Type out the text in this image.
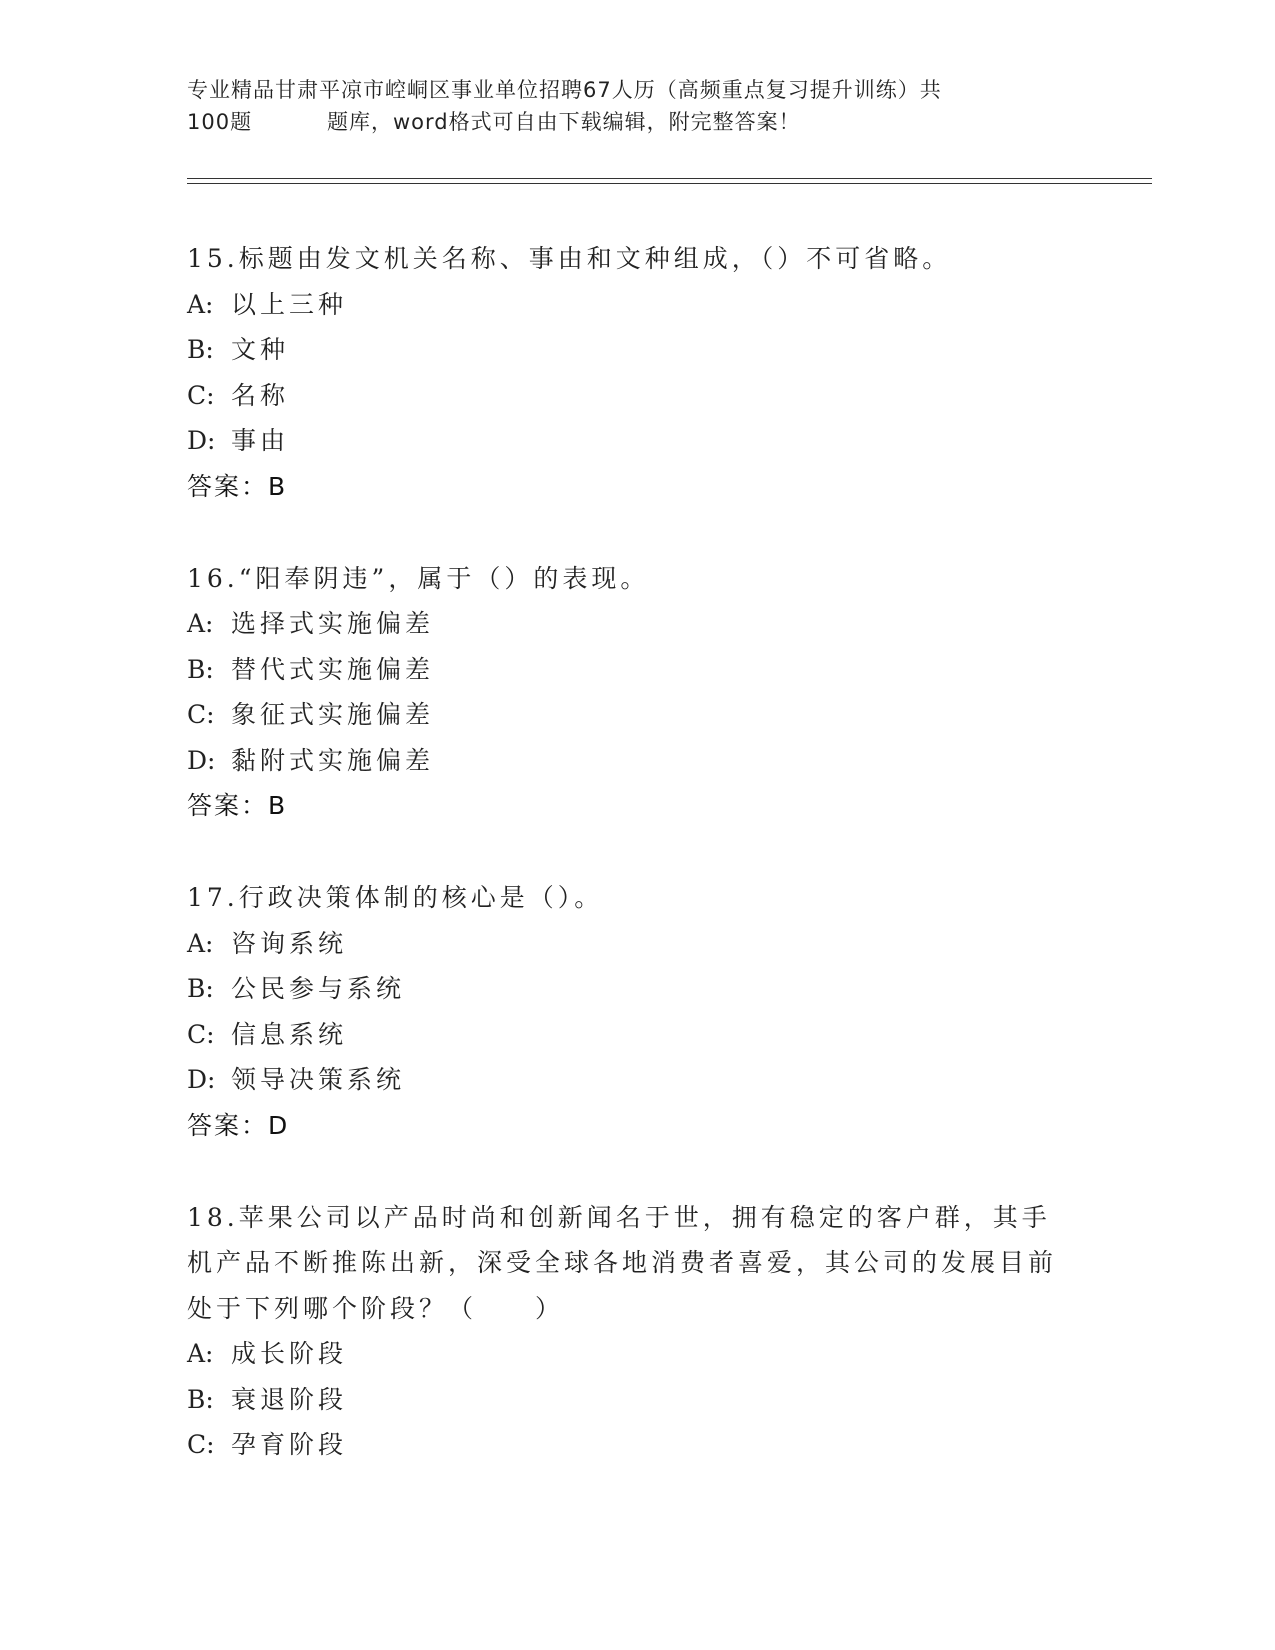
专业精品甘肃平凉市崆峒区事业单位招聘67人历（高频重点复习提升训练）共
100题	题库，word格式可自由下载编辑，附完整答案！
15.标题由发文机关名称、事由和文种组成，（）不可省略。
A: 以上三种
B: 文种
C: 名称
D: 事由
答案：B
16.“阳奉阴违”，属于（）的表现。
A: 选择式实施偏差
B: 替代式实施偏差
C: 象征式实施偏差
D: 黏附式实施偏差
答案：B
17.行政决策体制的核心是（）。
A: 咨询系统
B: 公民参与系统
C: 信息系统
D: 领导决策系统
答案：D
18.苹果公司以产品时尚和创新闻名于世，拥有稳定的客户群，其手机产品不断推陈出新，深受全球各地消费者喜爱，其公司的发展目前处于下列哪个阶段？（　　）
A: 成长阶段
B: 衰退阶段
C: 孕育阶段
